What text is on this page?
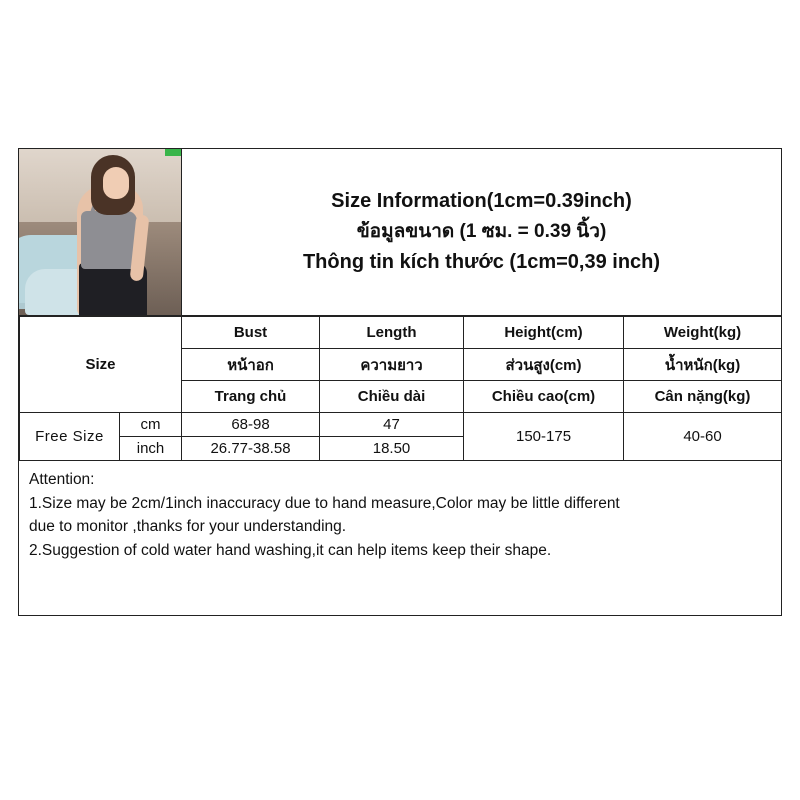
Size Information(1cm=0.39inch)
ข้อมูลขนาด (1 ซม. = 0.39 นิ้ว)
Thông tin kích thước (1cm=0,39 inch)
Size		Bust	Length	Height(cm)	Weight(kg)
		หน้าอก	ความยาว	ส่วนสูง(cm)	น้ำหนัก(kg)
		Trang chủ	Chiều dài	Chiều cao(cm)	Cân nặng(kg)
Free Size	cm	68-98	47	150-175	40-60
	inch	26.77-38.58	18.50		

Attention:

1.Size may be 2cm/1inch inaccuracy due to hand measure,Color may be little different

due to monitor ,thanks for your understanding.

2.Suggestion of cold water hand washing,it can help items keep their shape.
